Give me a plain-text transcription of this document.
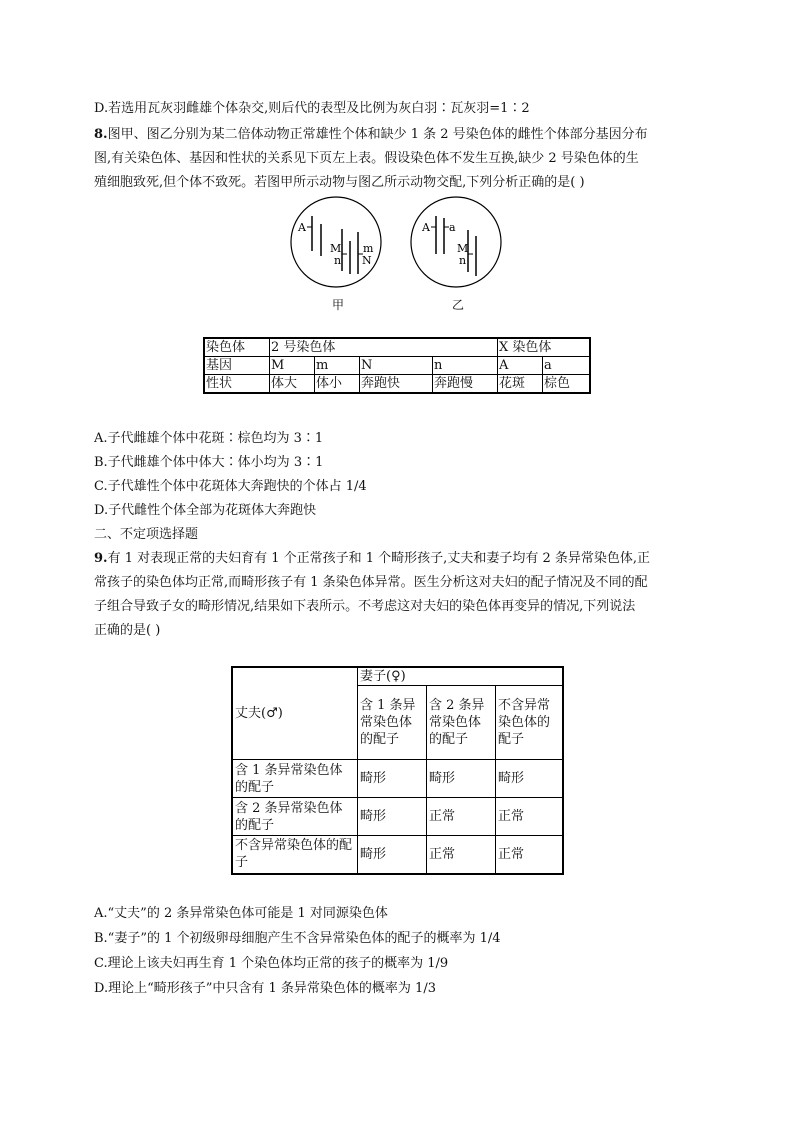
D.若选用瓦灰羽雌雄个体杂交,则后代的表型及比例为灰白羽∶瓦灰羽=1∶2
8.图甲、图乙分别为某二倍体动物正常雄性个体和缺少 1 条 2 号染色体的雌性个体部分基因分布
图,有关染色体、基因和性状的关系见下页左上表。假设染色体不发生互换,缺少 2 号染色体的生
殖细胞致死,但个体不致死。若图甲所示动物与图乙所示动物交配,下列分析正确的是( )
A
M
n
m
N
A a
M
n
甲	乙
染色体	2 号染色体				X 染色体	
基因	M	m	N	n	A	a
性状	体大	体小	奔跑快	奔跑慢	花斑	棕色
A.子代雌雄个体中花斑∶棕色均为 3∶1
B.子代雌雄个体中体大∶体小均为 3∶1
C.子代雄性个体中花斑体大奔跑快的个体占 1/4
D.子代雌性个体全部为花斑体大奔跑快
二、不定项选择题
9.有 1 对表现正常的夫妇育有 1 个正常孩子和 1 个畸形孩子,丈夫和妻子均有 2 条异常染色体,正
常孩子的染色体均正常,而畸形孩子有 1 条染色体异常。医生分析这对夫妇的配子情况及不同的配
子组合导致子女的畸形情况,结果如下表所示。不考虑这对夫妇的染色体再变异的情况,下列说法
正确的是( )
丈夫(♂)	妻子(♀)		
	含 1 条异常染色体的配子	含 2 条异常染色体的配子	不含异常染色体的配子
含 1 条异常染色体的配子	畸形	畸形	畸形
含 2 条异常染色体的配子	畸形	正常	正常
不含异常染色体的配子	畸形	正常	正常
A.“丈夫”的 2 条异常染色体可能是 1 对同源染色体
B.“妻子”的 1 个初级卵母细胞产生不含异常染色体的配子的概率为 1/4
C.理论上该夫妇再生育 1 个染色体均正常的孩子的概率为 1/9
D.理论上“畸形孩子”中只含有 1 条异常染色体的概率为 1/3
